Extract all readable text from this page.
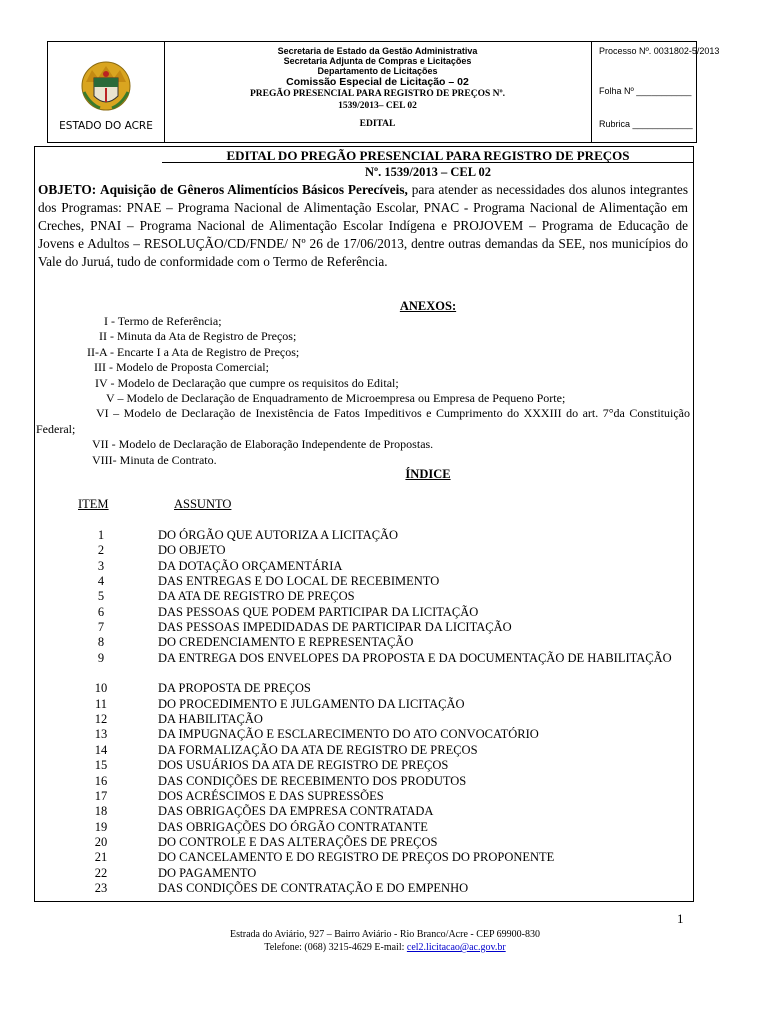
ESTADO DO ACRE
Secretaria de Estado da Gestão Administrativa
Secretaria Adjunta de Compras e Licitações
Departamento de Licitações
Comissão Especial de Licitação – 02
PREGÃO PRESENCIAL PARA REGISTRO DE PREÇOS Nº.
1539/2013– CEL 02
EDITAL
Processo Nº. 0031802-5/2013
Folha Nº ___________
Rubrica ____________
EDITAL DO PREGÃO PRESENCIAL PARA REGISTRO DE PREÇOS
Nº. 1539/2013 – CEL 02
OBJETO: Aquisição de Gêneros Alimentícios Básicos Perecíveis, para atender as necessidades dos alunos integrantes dos Programas: PNAE – Programa Nacional de Alimentação Escolar, PNAC - Programa Nacional de Alimentação em Creches, PNAI – Programa Nacional de Alimentação Escolar Indígena e PROJOVEM – Programa de Educação de Jovens e Adultos – RESOLUÇÃO/CD/FNDE/ Nº 26 de 17/06/2013, dentre outras demandas da SEE, nos municípios do Vale do Juruá, tudo de conformidade com o Termo de Referência.
ANEXOS:
I - Termo de Referência;
II - Minuta da Ata de Registro de Preços;
II-A - Encarte I a Ata de Registro de Preços;
III - Modelo de Proposta Comercial;
IV - Modelo de Declaração que cumpre os requisitos do Edital;
V – Modelo de Declaração de Enquadramento de Microempresa ou Empresa de Pequeno Porte;
VI – Modelo de Declaração de Inexistência de Fatos Impeditivos e Cumprimento do XXXIII do art. 7°da Constituição Federal;
VII - Modelo de Declaração de Elaboração Independente de Propostas.
VIII- Minuta de Contrato.
ÍNDICE
ITEM	ASSUNTO
1	DO ÓRGÃO QUE AUTORIZA A LICITAÇÃO
2	DO OBJETO
3	DA DOTAÇÃO ORÇAMENTÁRIA
4	DAS ENTREGAS E DO LOCAL DE RECEBIMENTO
5	DA ATA DE REGISTRO DE PREÇOS
6	DAS PESSOAS QUE PODEM PARTICIPAR DA LICITAÇÃO
7	DAS PESSOAS IMPEDIDADAS DE PARTICIPAR DA LICITAÇÃO
8	DO CREDENCIAMENTO E REPRESENTAÇÃO
9	DA ENTREGA DOS ENVELOPES DA PROPOSTA E DA DOCUMENTAÇÃO DE HABILITAÇÃO
10	DA PROPOSTA DE PREÇOS
11	DO PROCEDIMENTO E JULGAMENTO DA LICITAÇÃO
12	DA HABILITAÇÃO
13	DA IMPUGNAÇÃO E ESCLARECIMENTO DO ATO CONVOCATÓRIO
14	DA FORMALIZAÇÃO DA ATA DE REGISTRO DE PREÇOS
15	DOS USUÁRIOS DA ATA DE REGISTRO DE PREÇOS
16	DAS CONDIÇÕES DE RECEBIMENTO DOS PRODUTOS
17	DOS ACRÉSCIMOS E DAS SUPRESSÕES
18	DAS OBRIGAÇÕES DA EMPRESA CONTRATADA
19	DAS OBRIGAÇÕES DO ÓRGÃO CONTRATANTE
20	DO CONTROLE E DAS ALTERAÇÕES DE PREÇOS
21	DO CANCELAMENTO E DO REGISTRO DE PREÇOS DO PROPONENTE
22	DO PAGAMENTO
23	DAS CONDIÇÕES DE CONTRATAÇÃO E DO EMPENHO
1
Estrada do Aviário, 927 – Bairro Aviário - Rio Branco/Acre - CEP 69900-830
Telefone: (068) 3215-4629 E-mail: cel2.licitacao@ac.gov.br
